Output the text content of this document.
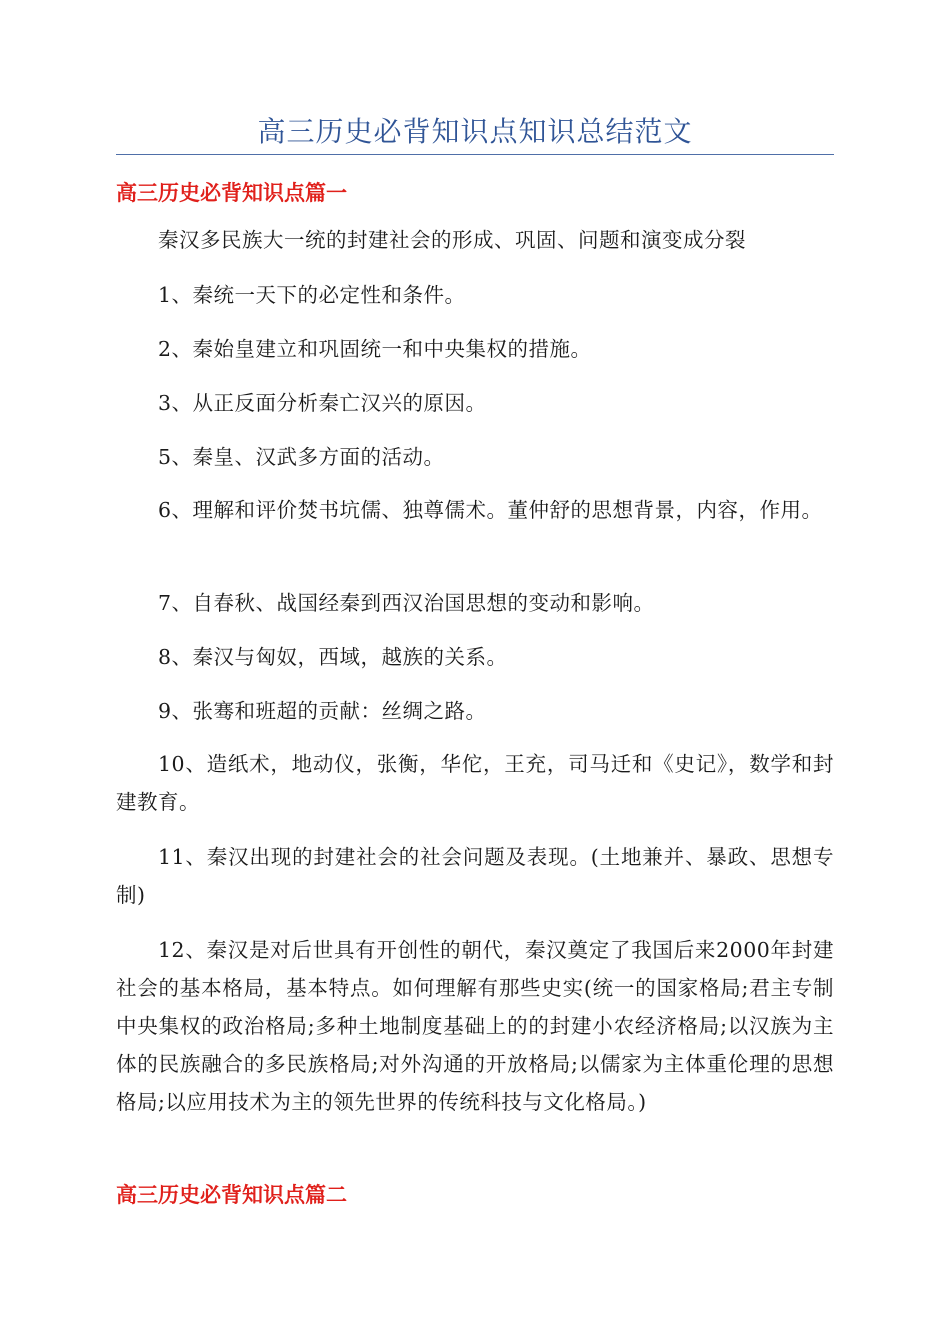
高三历史必背知识点知识总结范文
高三历史必背知识点篇一

秦汉多民族大一统的封建社会的形成、巩固、问题和演变成分裂

1、秦统一天下的必定性和条件。

2、秦始皇建立和巩固统一和中央集权的措施。

3、从正反面分析秦亡汉兴的原因。

5、秦皇、汉武多方面的活动。

6、理解和评价焚书坑儒、独尊儒术。董仲舒的思想背景，内容，作用。

7、自春秋、战国经秦到西汉治国思想的变动和影响。

8、秦汉与匈奴，西域，越族的关系。

9、张骞和班超的贡献：丝绸之路。

10、造纸术，地动仪，张衡，华佗，王充，司马迁和《史记》，数学和封建教育。

11、秦汉出现的封建社会的社会问题及表现。(土地兼并、暴政、思想专制)

12、秦汉是对后世具有开创性的朝代，秦汉奠定了我国后来2000年封建社会的基本格局，基本特点。如何理解有那些史实(统一的国家格局;君主专制中央集权的政治格局;多种土地制度基础上的的封建小农经济格局;以汉族为主体的民族融合的多民族格局;对外沟通的开放格局;以儒家为主体重伦理的思想格局;以应用技术为主的领先世界的传统科技与文化格局。)

高三历史必背知识点篇二
